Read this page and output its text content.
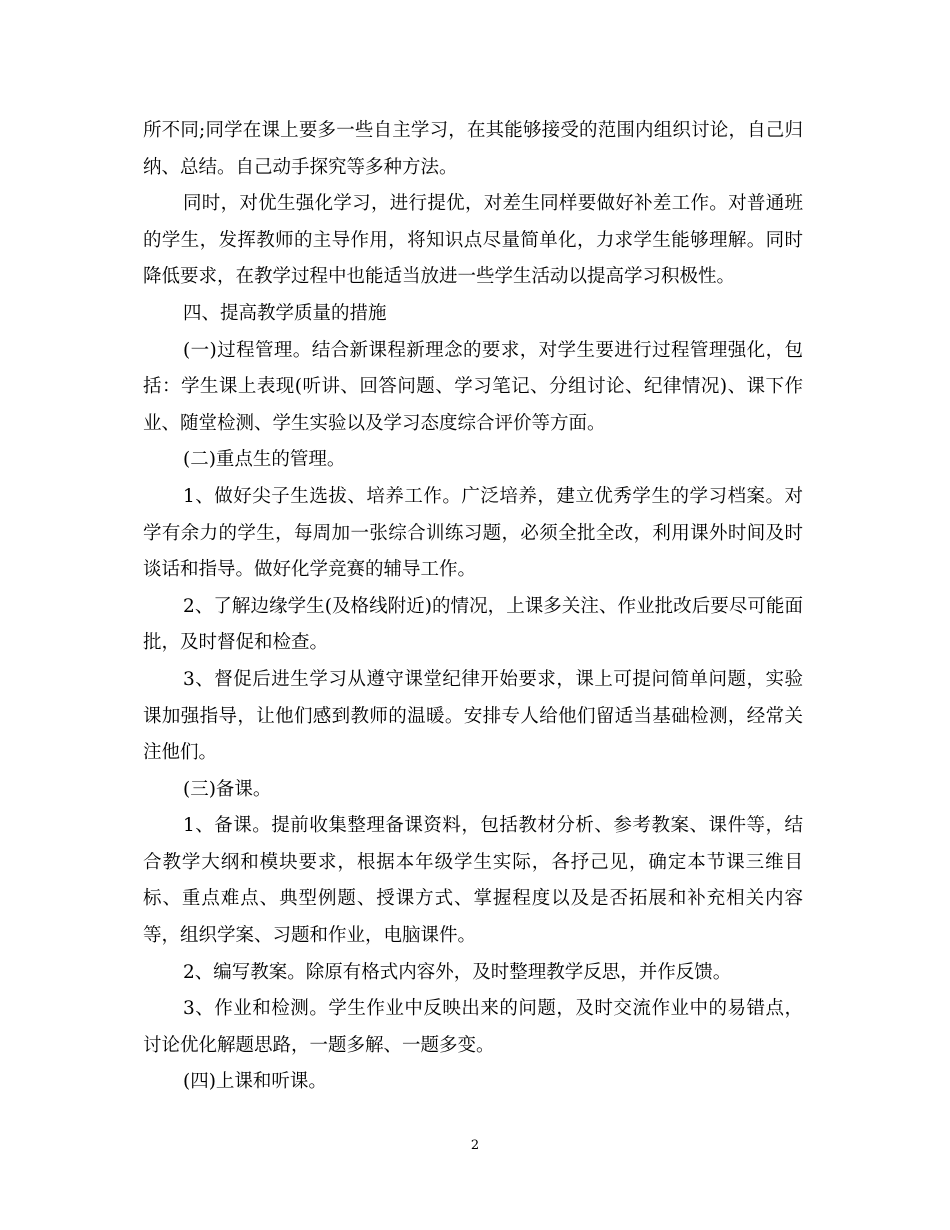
所不同;同学在课上要多一些自主学习，在其能够接受的范围内组织讨论，自己归纳、总结。自己动手探究等多种方法。

同时，对优生强化学习，进行提优，对差生同样要做好补差工作。对普通班的学生，发挥教师的主导作用，将知识点尽量简单化，力求学生能够理解。同时降低要求，在教学过程中也能适当放进一些学生活动以提高学习积极性。

四、提高教学质量的措施

(一)过程管理。结合新课程新理念的要求，对学生要进行过程管理强化，包括：学生课上表现(听讲、回答问题、学习笔记、分组讨论、纪律情况)、课下作业、随堂检测、学生实验以及学习态度综合评价等方面。

(二)重点生的管理。

1、做好尖子生选拔、培养工作。广泛培养，建立优秀学生的学习档案。对学有余力的学生，每周加一张综合训练习题，必须全批全改，利用课外时间及时谈话和指导。做好化学竞赛的辅导工作。

2、了解边缘学生(及格线附近)的情况，上课多关注、作业批改后要尽可能面批，及时督促和检查。

3、督促后进生学习从遵守课堂纪律开始要求，课上可提问简单问题，实验课加强指导，让他们感到教师的温暖。安排专人给他们留适当基础检测，经常关注他们。

(三)备课。

1、备课。提前收集整理备课资料，包括教材分析、参考教案、课件等，结合教学大纲和模块要求，根据本年级学生实际，各抒己见，确定本节课三维目标、重点难点、典型例题、授课方式、掌握程度以及是否拓展和补充相关内容等，组织学案、习题和作业，电脑课件。

2、编写教案。除原有格式内容外，及时整理教学反思，并作反馈。

3、作业和检测。学生作业中反映出来的问题，及时交流作业中的易错点，讨论优化解题思路，一题多解、一题多变。

(四)上课和听课。

2
